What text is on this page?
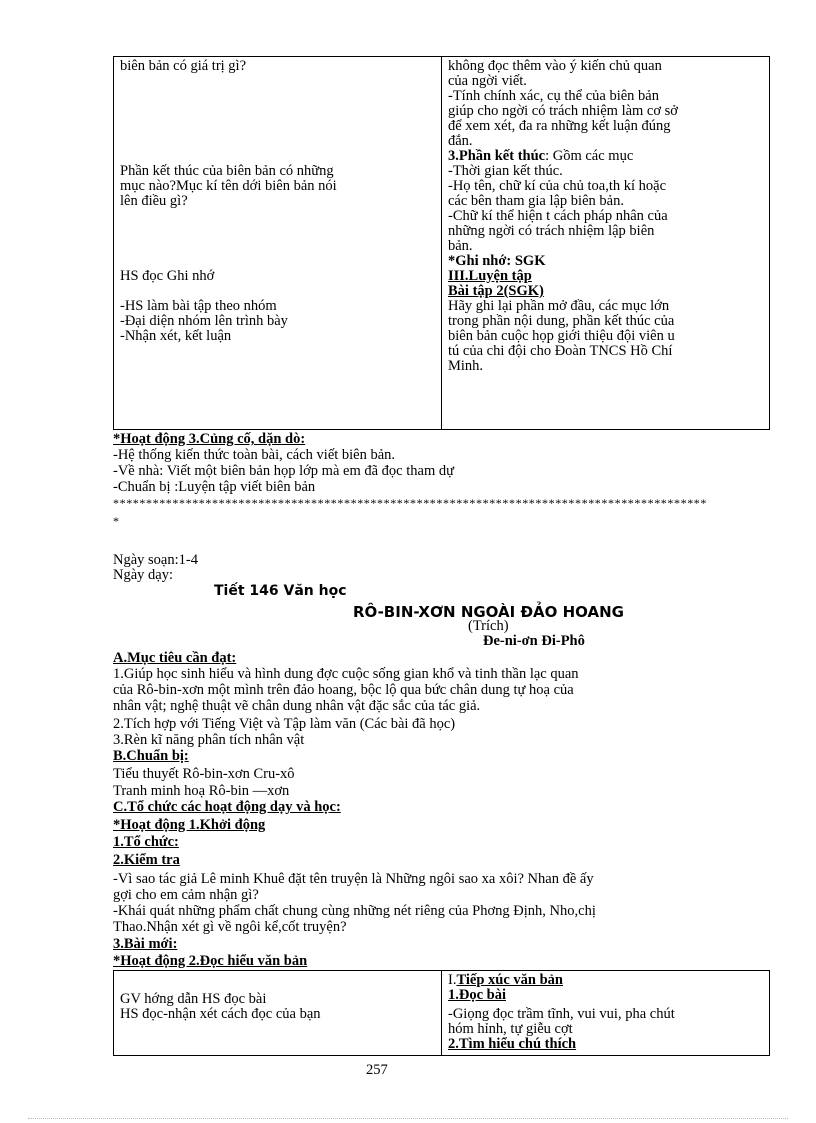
biên bản có giá trị gì?
Phần kết thúc của biên bản có những
mục nào?Mục kí tên dới biên bản nói
lên điều gì?
HS đọc Ghi nhớ
-HS làm bài tập theo nhóm
-Đại diện nhóm lên trình bày
-Nhận xét, kết luận

không đọc thêm vào ý kiến chủ quan
của ngời viết.
-Tính chính xác, cụ thể của biên bản
giúp cho ngời có trách nhiệm làm cơ sở
để xem xét, đa ra những kết luận đúng
đắn.
3.Phần kết thúc: Gồm các mục
-Thời gian kết thúc.
-Họ tên, chữ kí của chủ toa,th kí hoặc
các bên tham gia lập biên bản.
-Chữ kí thể hiện t cách pháp nhân của
những ngời có trách nhiệm lập biên
bản.
*Ghi nhớ: SGK
III.Luyện tập
Bài tập 2(SGK)
Hãy ghi lại phần mở đầu, các mục lớn
trong phần nội dung, phần kết thúc của
biên bản cuộc họp giới thiệu đội viên u
tú của chi đội cho Đoàn TNCS Hồ Chí
Minh.
*Hoạt động 3.Củng cố, dặn dò:
-Hệ thống kiến thức toàn bài, cách viết biên bản.
-Về nhà: Viết một biên bản họp lớp mà em đã đọc tham dự
-Chuẩn bị :Luyện tập viết biên bản
******************************************************************************************
*
Ngày soạn:1-4
Ngày dạy:
Tiết 146 Văn học
RÔ-BIN-XƠN NGOÀI ĐẢO HOANG
(Trích)
Đe-ni-ơn Đi-Phô
A.Mục tiêu cần đạt:
1.Giúp học sinh hiểu và hình dung đợc cuộc sống gian khổ và tinh thần lạc quan
của Rô-bin-xơn một mình trên đảo hoang, bộc lộ qua bức chân dung tự hoạ của
nhân vật; nghệ thuật vẽ chân dung nhân vật đặc sắc của tác giả.
2.Tích hợp với Tiếng Việt và Tập làm văn (Các bài đã học)
3.Rèn kĩ năng phân tích nhân vật
B.Chuẩn bị:
Tiểu thuyết Rô-bin-xơn Cru-xô
Tranh minh hoạ Rô-bin —xơn
C.Tổ chức các hoạt động dạy và học:
*Hoạt động 1.Khởi động
1.Tổ chức:
2.Kiểm tra
-Vì sao tác giả Lê minh Khuê đặt tên truyện là Những ngôi sao xa xôi? Nhan đề ấy
gợi cho em cảm nhận gì?
-Khái quát những phẩm chất chung cùng những nét riêng của Phơng Định, Nho,chị
Thao.Nhận xét gì về ngôi kể,cốt truyện?
3.Bài mới:
*Hoạt động 2.Đọc hiểu văn bản
GV hớng dẫn HS đọc bài
HS đọc-nhận xét cách đọc của bạn

I.Tiếp xúc văn bản
1.Đọc bài
-Giọng đọc trầm tĩnh, vui vui, pha chút
hóm hỉnh, tự giễu cợt
2.Tìm hiểu chú thích
257
